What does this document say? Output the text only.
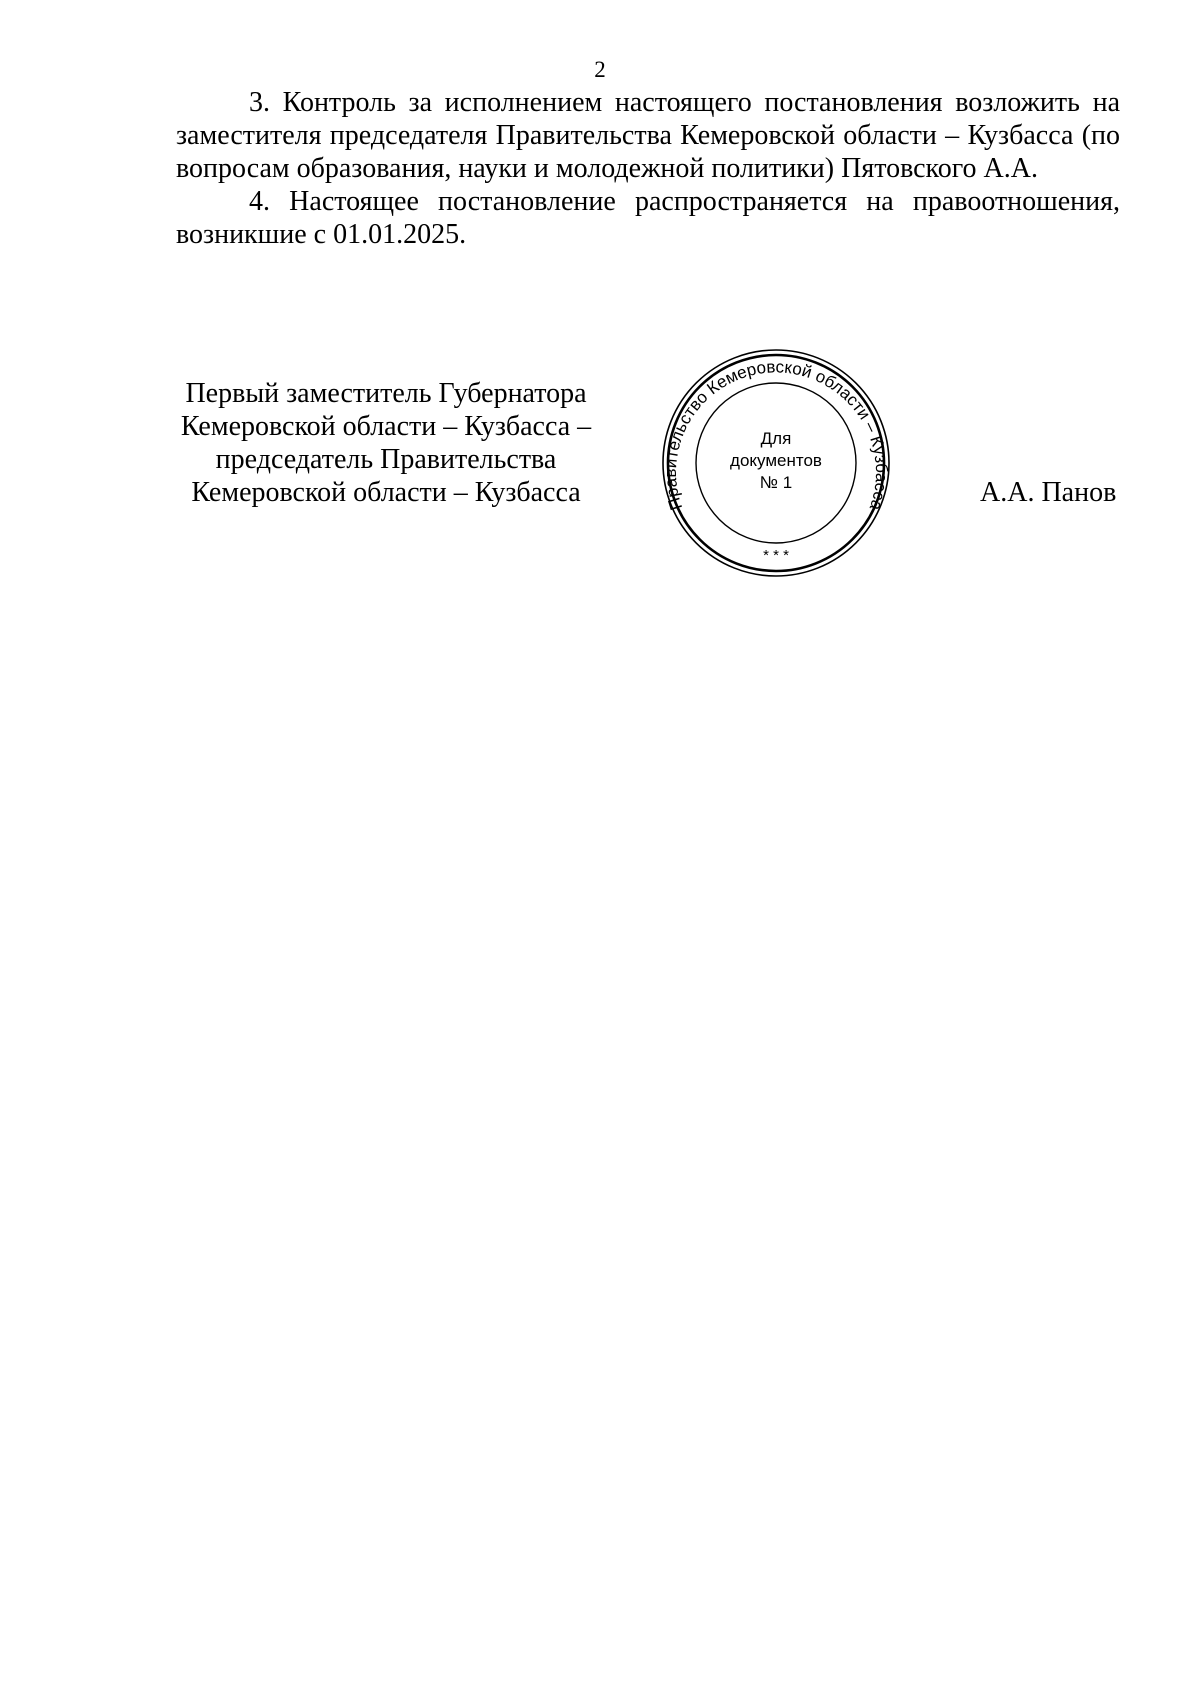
2

3. Контроль за исполнением настоящего постановления возложить на заместителя председателя Правительства Кемеровской области – Кузбасса (по вопросам образования, науки и молодежной политики) Пятовского А.А.

4. Настоящее постановление распространяется на правоотношения, возникшие с 01.01.2025.

Первый заместитель Губернатора
Кемеровской области – Кузбасса –
председатель Правительства
Кемеровской области – Кузбасса	Правительство Кемеровской области – Кузбасса
Для
документов
№ 1
* * *
А.А. Панов
